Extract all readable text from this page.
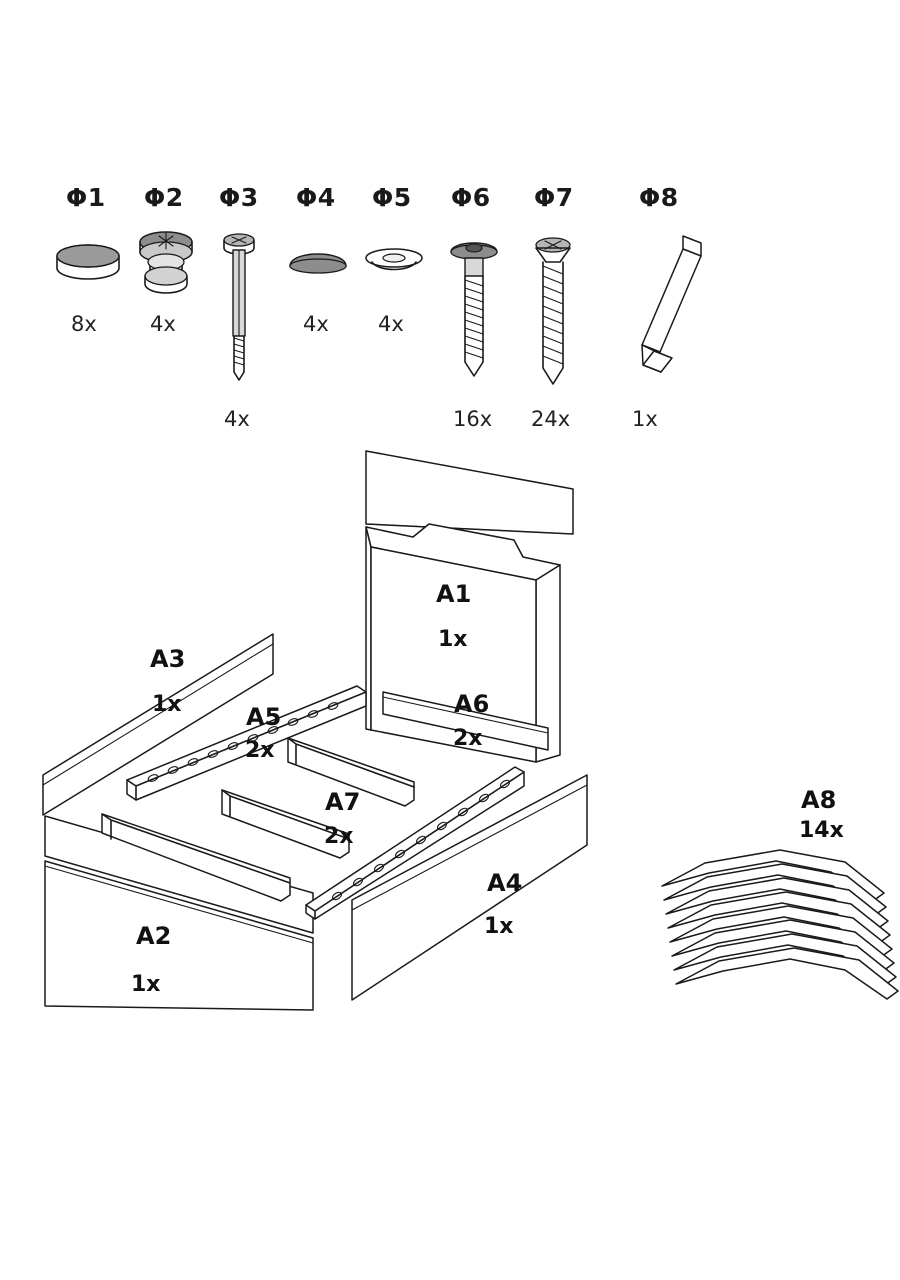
Φ1
8x
Φ2
4x
Φ3
4x
Φ4
4x
Φ5
4x
Φ6
16x
Φ7
24x
Φ8
1x
A1
1x
A2
1x
A3
1x
A4
1x
A5
2x
A6
2x
A7
2x
A8
14x
